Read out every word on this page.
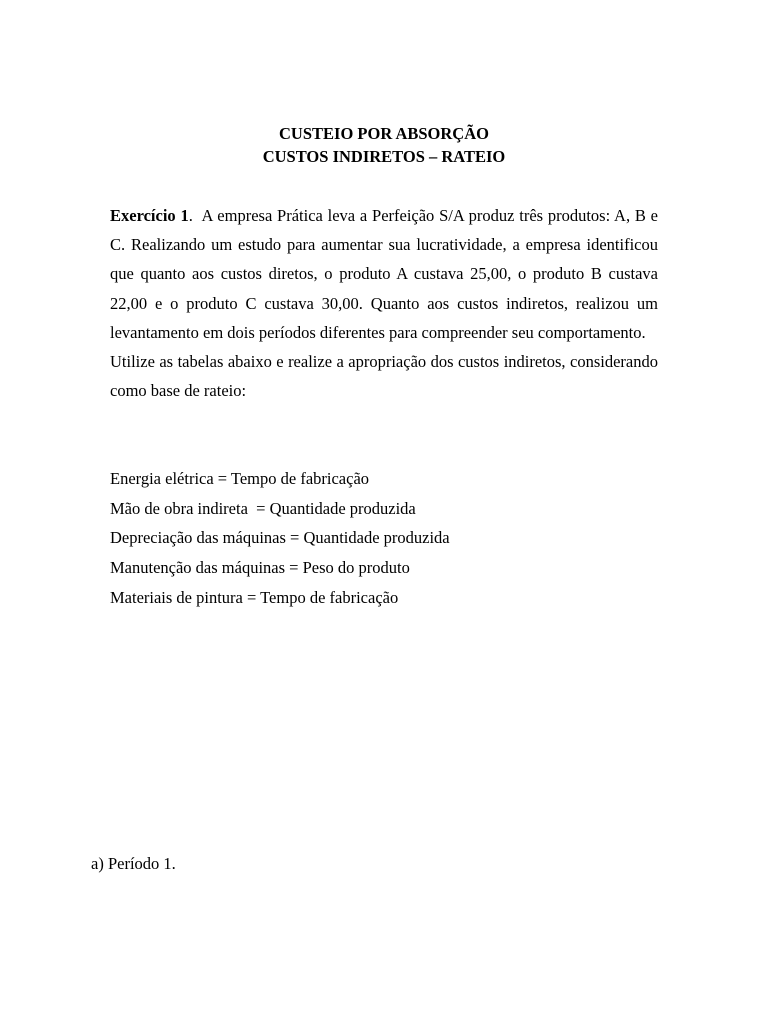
CUSTEIO POR ABSORÇÃO
CUSTOS INDIRETOS – RATEIO

Exercício 1.  A empresa Prática leva a Perfeição S/A produz três produtos: A, B e C. Realizando um estudo para aumentar sua lucratividade, a empresa identificou que quanto aos custos diretos, o produto A custava 25,00, o produto B custava 22,00 e o produto C custava 30,00. Quanto aos custos indiretos, realizou um levantamento em dois períodos diferentes para compreender seu comportamento.

Utilize as tabelas abaixo e realize a apropriação dos custos indiretos, considerando como base de rateio:

Energia elétrica = Tempo de fabricação
Mão de obra indireta  = Quantidade produzida
Depreciação das máquinas = Quantidade produzida
Manutenção das máquinas = Peso do produto
Materiais de pintura = Tempo de fabricação
a) Período 1.
